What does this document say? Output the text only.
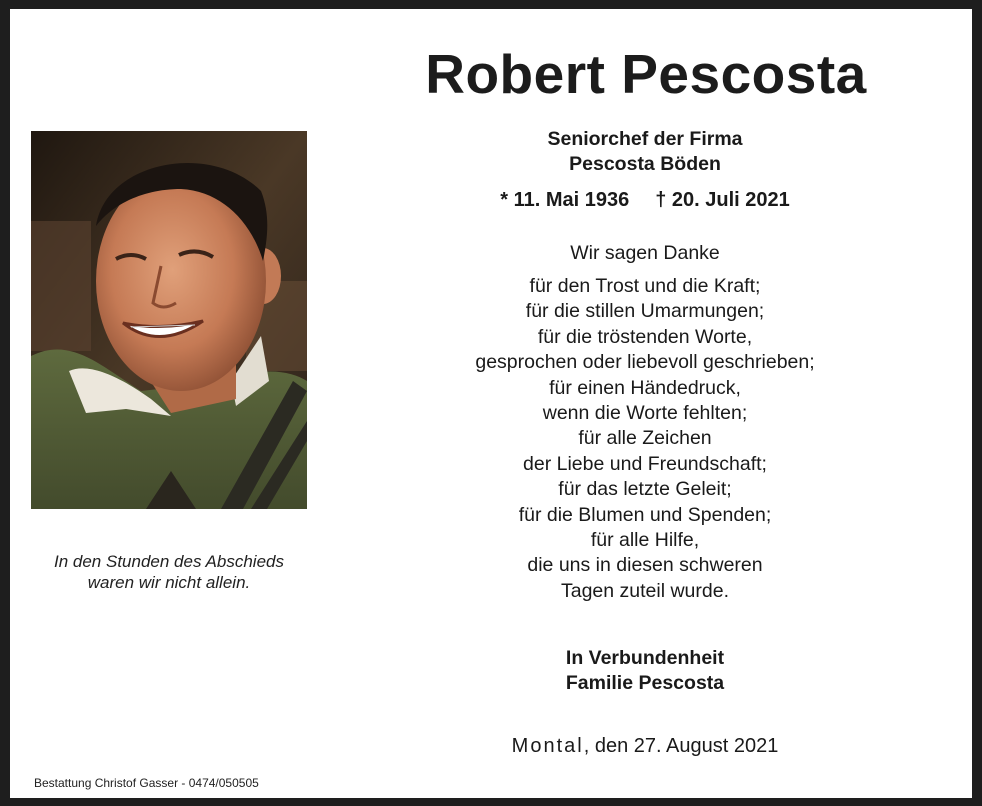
Robert Pescosta
In den Stunden des Abschieds
waren wir nicht allein.
Seniorchef der Firma
Pescosta Böden
* 11. Mai 1936 † 20. Juli 2021
Wir sagen Danke
für den Trost und die Kraft;
für die stillen Umarmungen;
für die tröstenden Worte,
gesprochen oder liebevoll geschrieben;
für einen Händedruck,
wenn die Worte fehlten;
für alle Zeichen
der Liebe und Freundschaft;
für das letzte Geleit;
für die Blumen und Spenden;
für alle Hilfe,
die uns in diesen schweren
Tagen zuteil wurde.
In Verbundenheit
Familie Pescosta
Montal, den 27. August 2021
Bestattung Christof Gasser - 0474/050505
